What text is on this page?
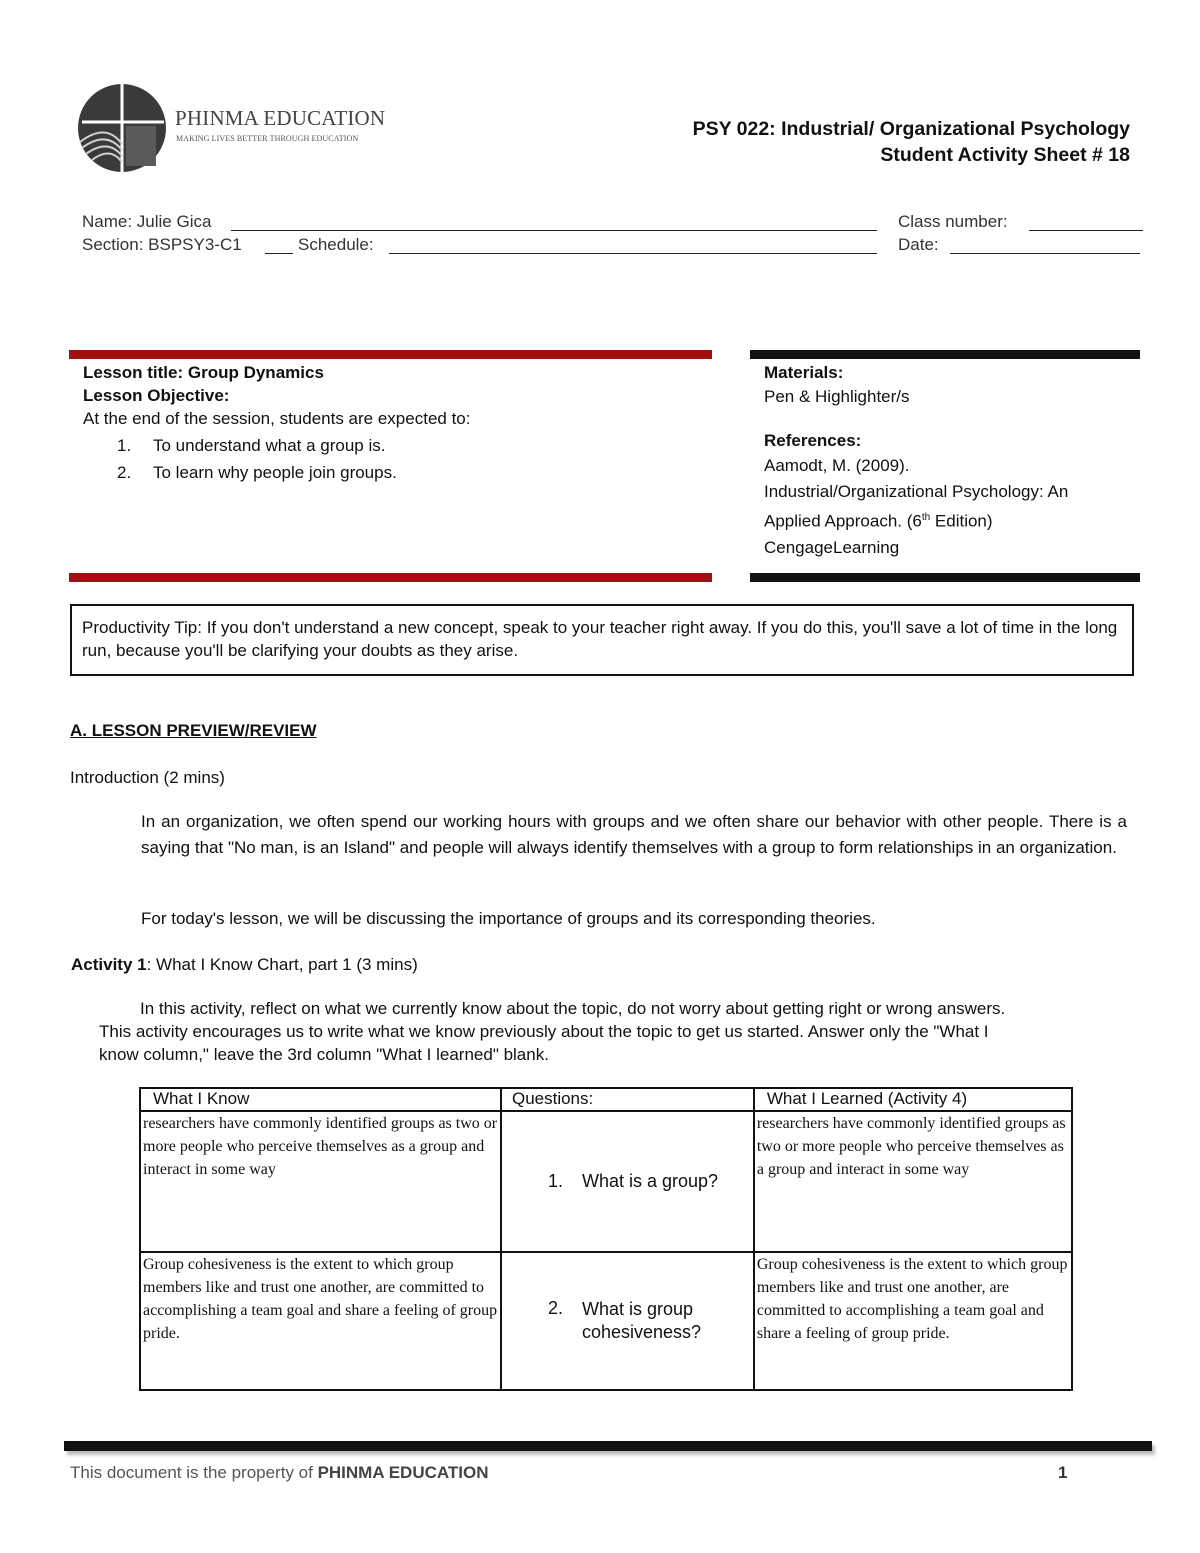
PHINMA EDUCATION
MAKING LIVES BETTER THROUGH EDUCATION	PSY 022: Industrial/ Organizational Psychology
Student Activity Sheet # 18
Name: Julie Gica	Class number:
Section: BSPSY3-C1	Schedule:	Date:
Lesson title: Group Dynamics
Lesson Objective:
At the end of the session, students are expected to:
1. To understand what a group is.
2. To learn why people join groups.
Materials:
Pen & Highlighter/s
References:
Aamodt, M. (2009).
Industrial/Organizational Psychology: An
Applied Approach. (6th Edition)
CengageLearning
Productivity Tip: If you don't understand a new concept, speak to your teacher right away. If you do this, you'll save a lot of time in the long run, because you'll be clarifying your doubts as they arise.
A. LESSON PREVIEW/REVIEW
Introduction (2 mins)
In an organization, we often spend our working hours with groups and we often share our behavior with other people. There is a saying that "No man, is an Island" and people will always identify themselves with a group to form relationships in an organization.
For today's lesson, we will be discussing the importance of groups and its corresponding theories.
Activity 1: What I Know Chart, part 1 (3 mins)
In this activity, reflect on what we currently know about the topic, do not worry about getting right or wrong answers.
This activity encourages us to write what we know previously about the topic to get us started. Answer only the "What I
know column," leave the 3rd column "What I learned" blank.
What I Know	Questions:	What I Learned (Activity 4)
researchers have commonly identified groups as two or more people who perceive themselves as a group and interact in some way	1. What is a group?	researchers have commonly identified groups as two or more people who perceive themselves as a group and interact in some way
Group cohesiveness is the extent to which group members like and trust one another, are committed to accomplishing a team goal and share a feeling of group pride.	2. What is group cohesiveness?	Group cohesiveness is the extent to which group members like and trust one another, are committed to accomplishing a team goal and share a feeling of group pride.
This document is the property of PHINMA EDUCATION	1
